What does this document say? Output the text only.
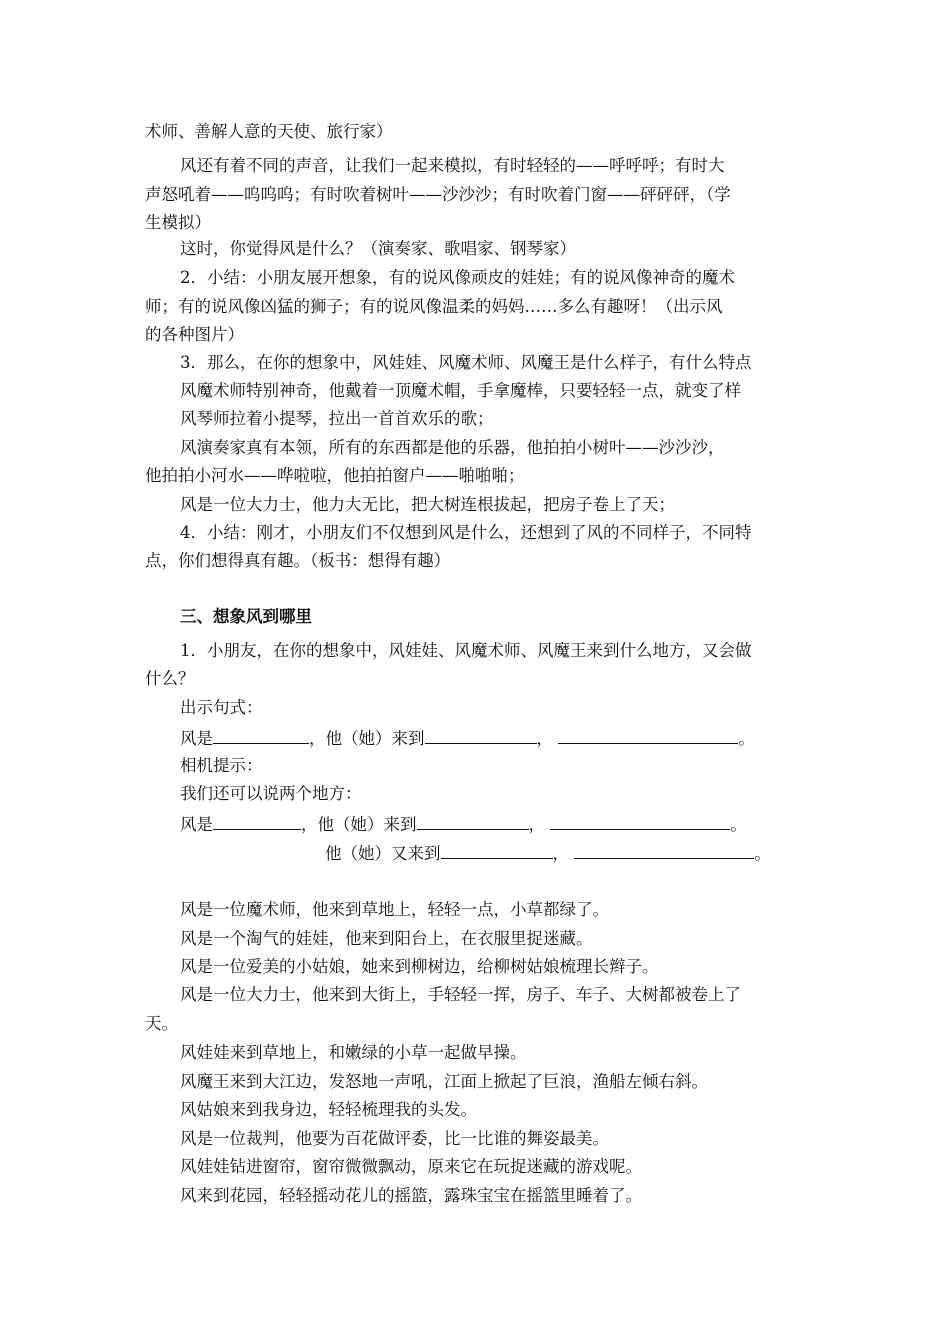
术师、善解人意的天使、旅行家）
风还有着不同的声音，让我们一起来模拟，有时轻轻的——呼呼呼；有时大
声怒吼着——呜呜呜；有时吹着树叶——沙沙沙；有时吹着门窗——砰砰砰，（学
生模拟）
这时，你觉得风是什么？（演奏家、歌唱家、钢琴家）
2．小结：小朋友展开想象，有的说风像顽皮的娃娃；有的说风像神奇的魔术
师；有的说风像凶猛的狮子；有的说风像温柔的妈妈……多么有趣呀！（出示风
的各种图片）
3．那么，在你的想象中，风娃娃、风魔术师、风魔王是什么样子，有什么特点
风魔术师特别神奇，他戴着一顶魔术帽，手拿魔棒，只要轻轻一点，就变了样
风琴师拉着小提琴，拉出一首首欢乐的歌；
风演奏家真有本领，所有的东西都是他的乐器，他拍拍小树叶——沙沙沙，
他拍拍小河水——哗啦啦，他拍拍窗户——啪啪啪；
风是一位大力士，他力大无比，把大树连根拔起，把房子卷上了天；
4．小结：刚才，小朋友们不仅想到风是什么，还想到了风的不同样子，不同特
点，你们想得真有趣。（板书：想得有趣）
三、想象风到哪里
1．小朋友，在你的想象中，风娃娃、风魔术师、风魔王来到什么地方，又会做
什么？
出示句式：
风是	，他（她）来到	，	。
相机提示：
我们还可以说两个地方：
风是	，他（她）来到	，	。
他（她）又来到	，	。
风是一位魔术师，他来到草地上，轻轻一点，小草都绿了。
风是一个淘气的娃娃，他来到阳台上，在衣服里捉迷藏。
风是一位爱美的小姑娘，她来到柳树边，给柳树姑娘梳理长辫子。
风是一位大力士，他来到大街上，手轻轻一挥，房子、车子、大树都被卷上了
天。
风娃娃来到草地上，和嫩绿的小草一起做早操。
风魔王来到大江边，发怒地一声吼，江面上掀起了巨浪，渔船左倾右斜。
风姑娘来到我身边，轻轻梳理我的头发。
风是一位裁判，他要为百花做评委，比一比谁的舞姿最美。
风娃娃钻进窗帘，窗帘微微飘动，原来它在玩捉迷藏的游戏呢。
风来到花园，轻轻摇动花儿的摇篮，露珠宝宝在摇篮里睡着了。
